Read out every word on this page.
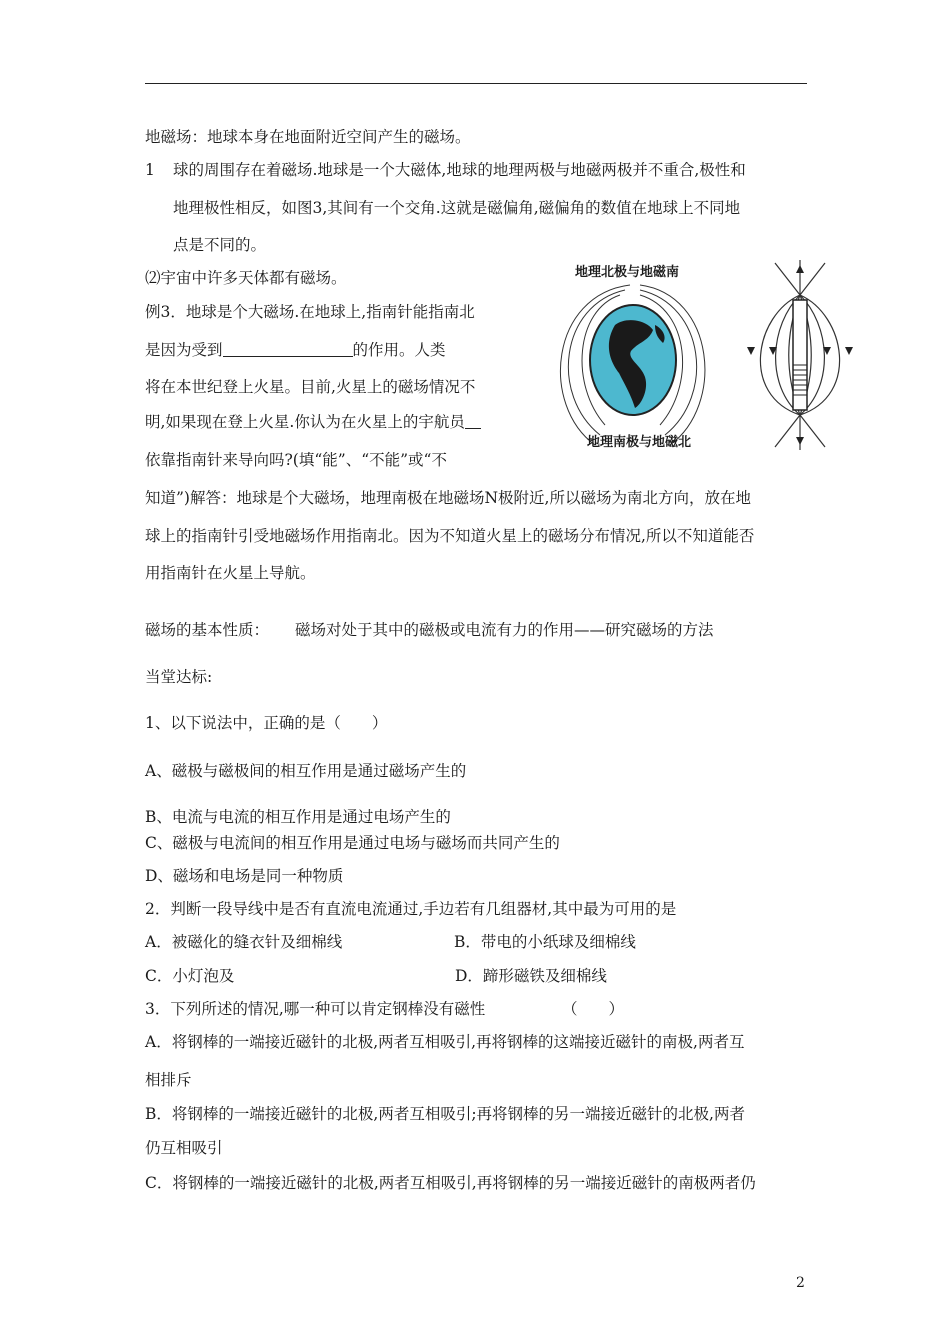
地磁场：地球本身在地面附近空间产生的磁场。
1 球的周围存在着磁场.地球是一个大磁体,地球的地理两极与地磁两极并不重合,极性和
地理极性相反，如图3,其间有一个交角.这就是磁偏角,磁偏角的数值在地球上不同地
点是不同的。
⑵宇宙中许多天体都有磁场。
例3．地球是个大磁场.在地球上,指南针能指南北
是因为受到	的作用。人类
将在本世纪登上火星。目前,火星上的磁场情况不
明,如果现在登上火星.你认为在火星上的宇航员
依靠指南针来导向吗?(填“能”、“不能”或“不
知道”)解答：地球是个大磁场，地理南极在地磁场N极附近,所以磁场为南北方向，放在地
球上的指南针引受地磁场作用指南北。因为不知道火星上的磁场分布情况,所以不知道能否
用指南针在火星上导航。
地理北极与地磁南
地理南极与地磁北
磁场的基本性质： 磁场对处于其中的磁极或电流有力的作用——研究磁场的方法
当堂达标:
1、以下说法中，正确的是（　　）
A、磁极与磁极间的相互作用是通过磁场产生的
B、电流与电流的相互作用是通过电场产生的
C、磁极与电流间的相互作用是通过电场与磁场而共同产生的
D、磁场和电场是同一种物质
2．判断一段导线中是否有直流电流通过,手边若有几组器材,其中最为可用的是
A．被磁化的缝衣针及细棉线	B．带电的小纸球及细棉线
C．小灯泡及	D．蹄形磁铁及细棉线
3．下列所述的情况,哪一种可以肯定钢棒没有磁性	（　　）
A．将钢棒的一端接近磁针的北极,两者互相吸引,再将钢棒的这端接近磁针的南极,两者互
相排斥
B．将钢棒的一端接近磁针的北极,两者互相吸引;再将钢棒的另一端接近磁针的北极,两者
仍互相吸引
C．将钢棒的一端接近磁针的北极,两者互相吸引,再将钢棒的另一端接近磁针的南极两者仍
2
